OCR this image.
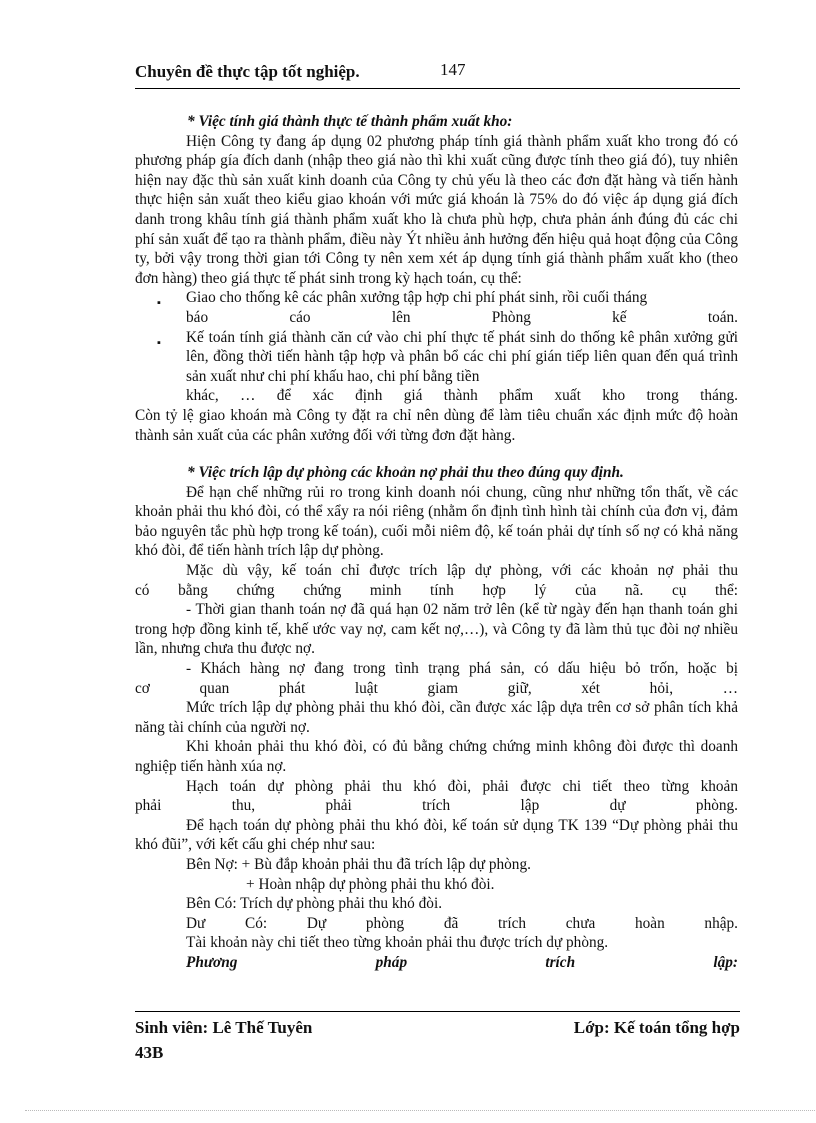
Chuyên đề thực tập tốt nghiệp.	147

* Việc tính giá thành thực tế thành phẩm xuất kho:

Hiện Công ty đang áp dụng 02 phương pháp tính giá thành phẩm xuất kho trong đó có phương pháp gía đích danh (nhập theo giá nào thì khi xuất cũng được tính theo giá đó), tuy nhiên hiện nay đặc thù sản xuất kinh doanh của Công ty chủ yếu là theo các đơn đặt hàng và tiến hành thực hiện sản xuất theo kiểu giao khoán với mức giá khoán là 75% do đó việc áp dụng giá đích danh trong khâu tính giá thành phẩm xuất kho là chưa phù hợp, chưa phản ánh đúng đủ các chi phí sản xuất để tạo ra thành phẩm, điều này Ýt nhiều ảnh hưởng đến hiệu quả hoạt động của Công ty, bởi vậy trong thời gian tới Công ty nên xem xét áp dụng tính giá thành phẩm xuất kho (theo đơn hàng) theo giá thực tế phát sinh trong kỳ hạch toán, cụ thể:

▪ Giao cho thống kê các phân xưởng tập hợp chi phí phát sinh, rồi cuối tháng

báo cáo lên Phòng kế toán.

▪ Kế toán tính giá thành căn cứ vào chi phí thực tế phát sinh do thống kê phân xưởng gửi lên, đồng thời tiến hành tập hợp và phân bổ các chi phí gián tiếp liên quan đến quá trình sản xuất như chi phí khấu hao, chi phí bằng tiền

khác, … để xác định giá thành phẩm xuất kho trong tháng.

Còn tỷ lệ giao khoán mà Công ty đặt ra chỉ nên dùng để làm tiêu chuẩn xác định mức độ hoàn thành sản xuất của các phân xưởng đối với từng đơn đặt hàng.

* Việc trích lập dự phòng các khoản nợ phải thu theo đúng quy định.

Để hạn chế những rủi ro trong kinh doanh nói chung, cũng như những tổn thất, về các khoản phải thu khó đòi, có thể xẩy ra nói riêng (nhằm ổn định tình hình tài chính của đơn vị, đảm bảo nguyên tắc phù hợp trong kế toán), cuối mỗi niêm độ, kế toán phải dự tính số nợ có khả năng khó đòi, để tiến hành trích lập dự phòng.

Mặc dù vậy, kế toán chỉ được trích lập dự phòng, với các khoản nợ phải thu

có bằng chứng chứng minh tính hợp lý của nã. cụ thể:

- Thời gian thanh toán nợ đã quá hạn 02 năm trở lên (kể từ ngày đến hạn thanh toán ghi trong hợp đồng kinh tế, khế ước vay nợ, cam kết nợ,…), và Công ty đã làm thủ tục đòi nợ nhiều lần, nhưng chưa thu được nợ.

- Khách hàng nợ đang trong tình trạng phá sản, có dấu hiệu bỏ trốn, hoặc bị

cơ quan phát luật giam giữ, xét hỏi, …

Mức trích lập dự phòng phải thu khó đòi, cần được xác lập dựa trên cơ sở phân tích khả năng tài chính của người nợ.

Khi khoản phải thu khó đòi, có đủ bằng chứng chứng minh không đòi được thì doanh nghiệp tiến hành xúa nợ.

Hạch toán dự phòng phải thu khó đòi, phải được chi tiết theo từng khoản

phải thu, phải trích lập dự phòng.

Để hạch toán dự phòng phải thu khó đòi, kế toán sử dụng TK 139 “Dự phòng phải thu khó đũi”, với kết cấu ghi chép như sau:

Bên Nợ: + Bù đắp khoản phải thu đã trích lập dự phòng.

+ Hoàn nhập dự phòng phải thu khó đòi.

Bên Có: Trích dự phòng phải thu khó đòi.

Dư Có: Dự phòng đã trích chưa hoàn nhập.

Tài khoản này chi tiết theo từng khoản phải thu được trích dự phòng.

Phương pháp trích lập:

Sinh viên: Lê Thế Tuyên	Lớp: Kế toán tổng hợp
43B
